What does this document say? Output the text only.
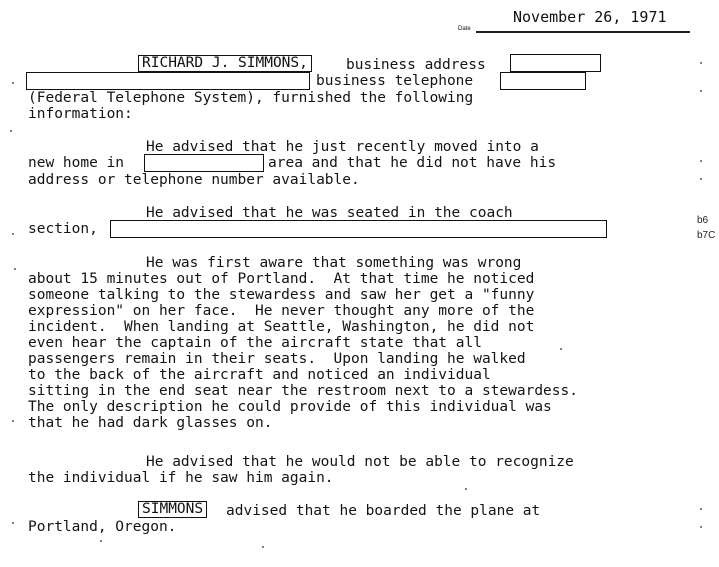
November 26, 1971
Date
RICHARD J. SIMMONS,	business address
business telephone
(Federal Telephone System), furnished the following
information:
He advised that he just recently moved into a
new home in	area and that he did not have his
address or telephone number available.
He advised that he was seated in the coach
section,
He was first aware that something was wrong
about 15 minutes out of Portland.  At that time he noticed
someone talking to the stewardess and saw her get a "funny
expression" on her face.  He never thought any more of the
incident.  When landing at Seattle, Washington, he did not
even hear the captain of the aircraft state that all
passengers remain in their seats.  Upon landing he walked
to the back of the aircraft and noticed an individual
sitting in the end seat near the restroom next to a stewardess.
The only description he could provide of this individual was
that he had dark glasses on.
He advised that he would not be able to recognize
the individual if he saw him again.
SIMMONS advised that he boarded the plane at
Portland, Oregon.
b6
b7C
